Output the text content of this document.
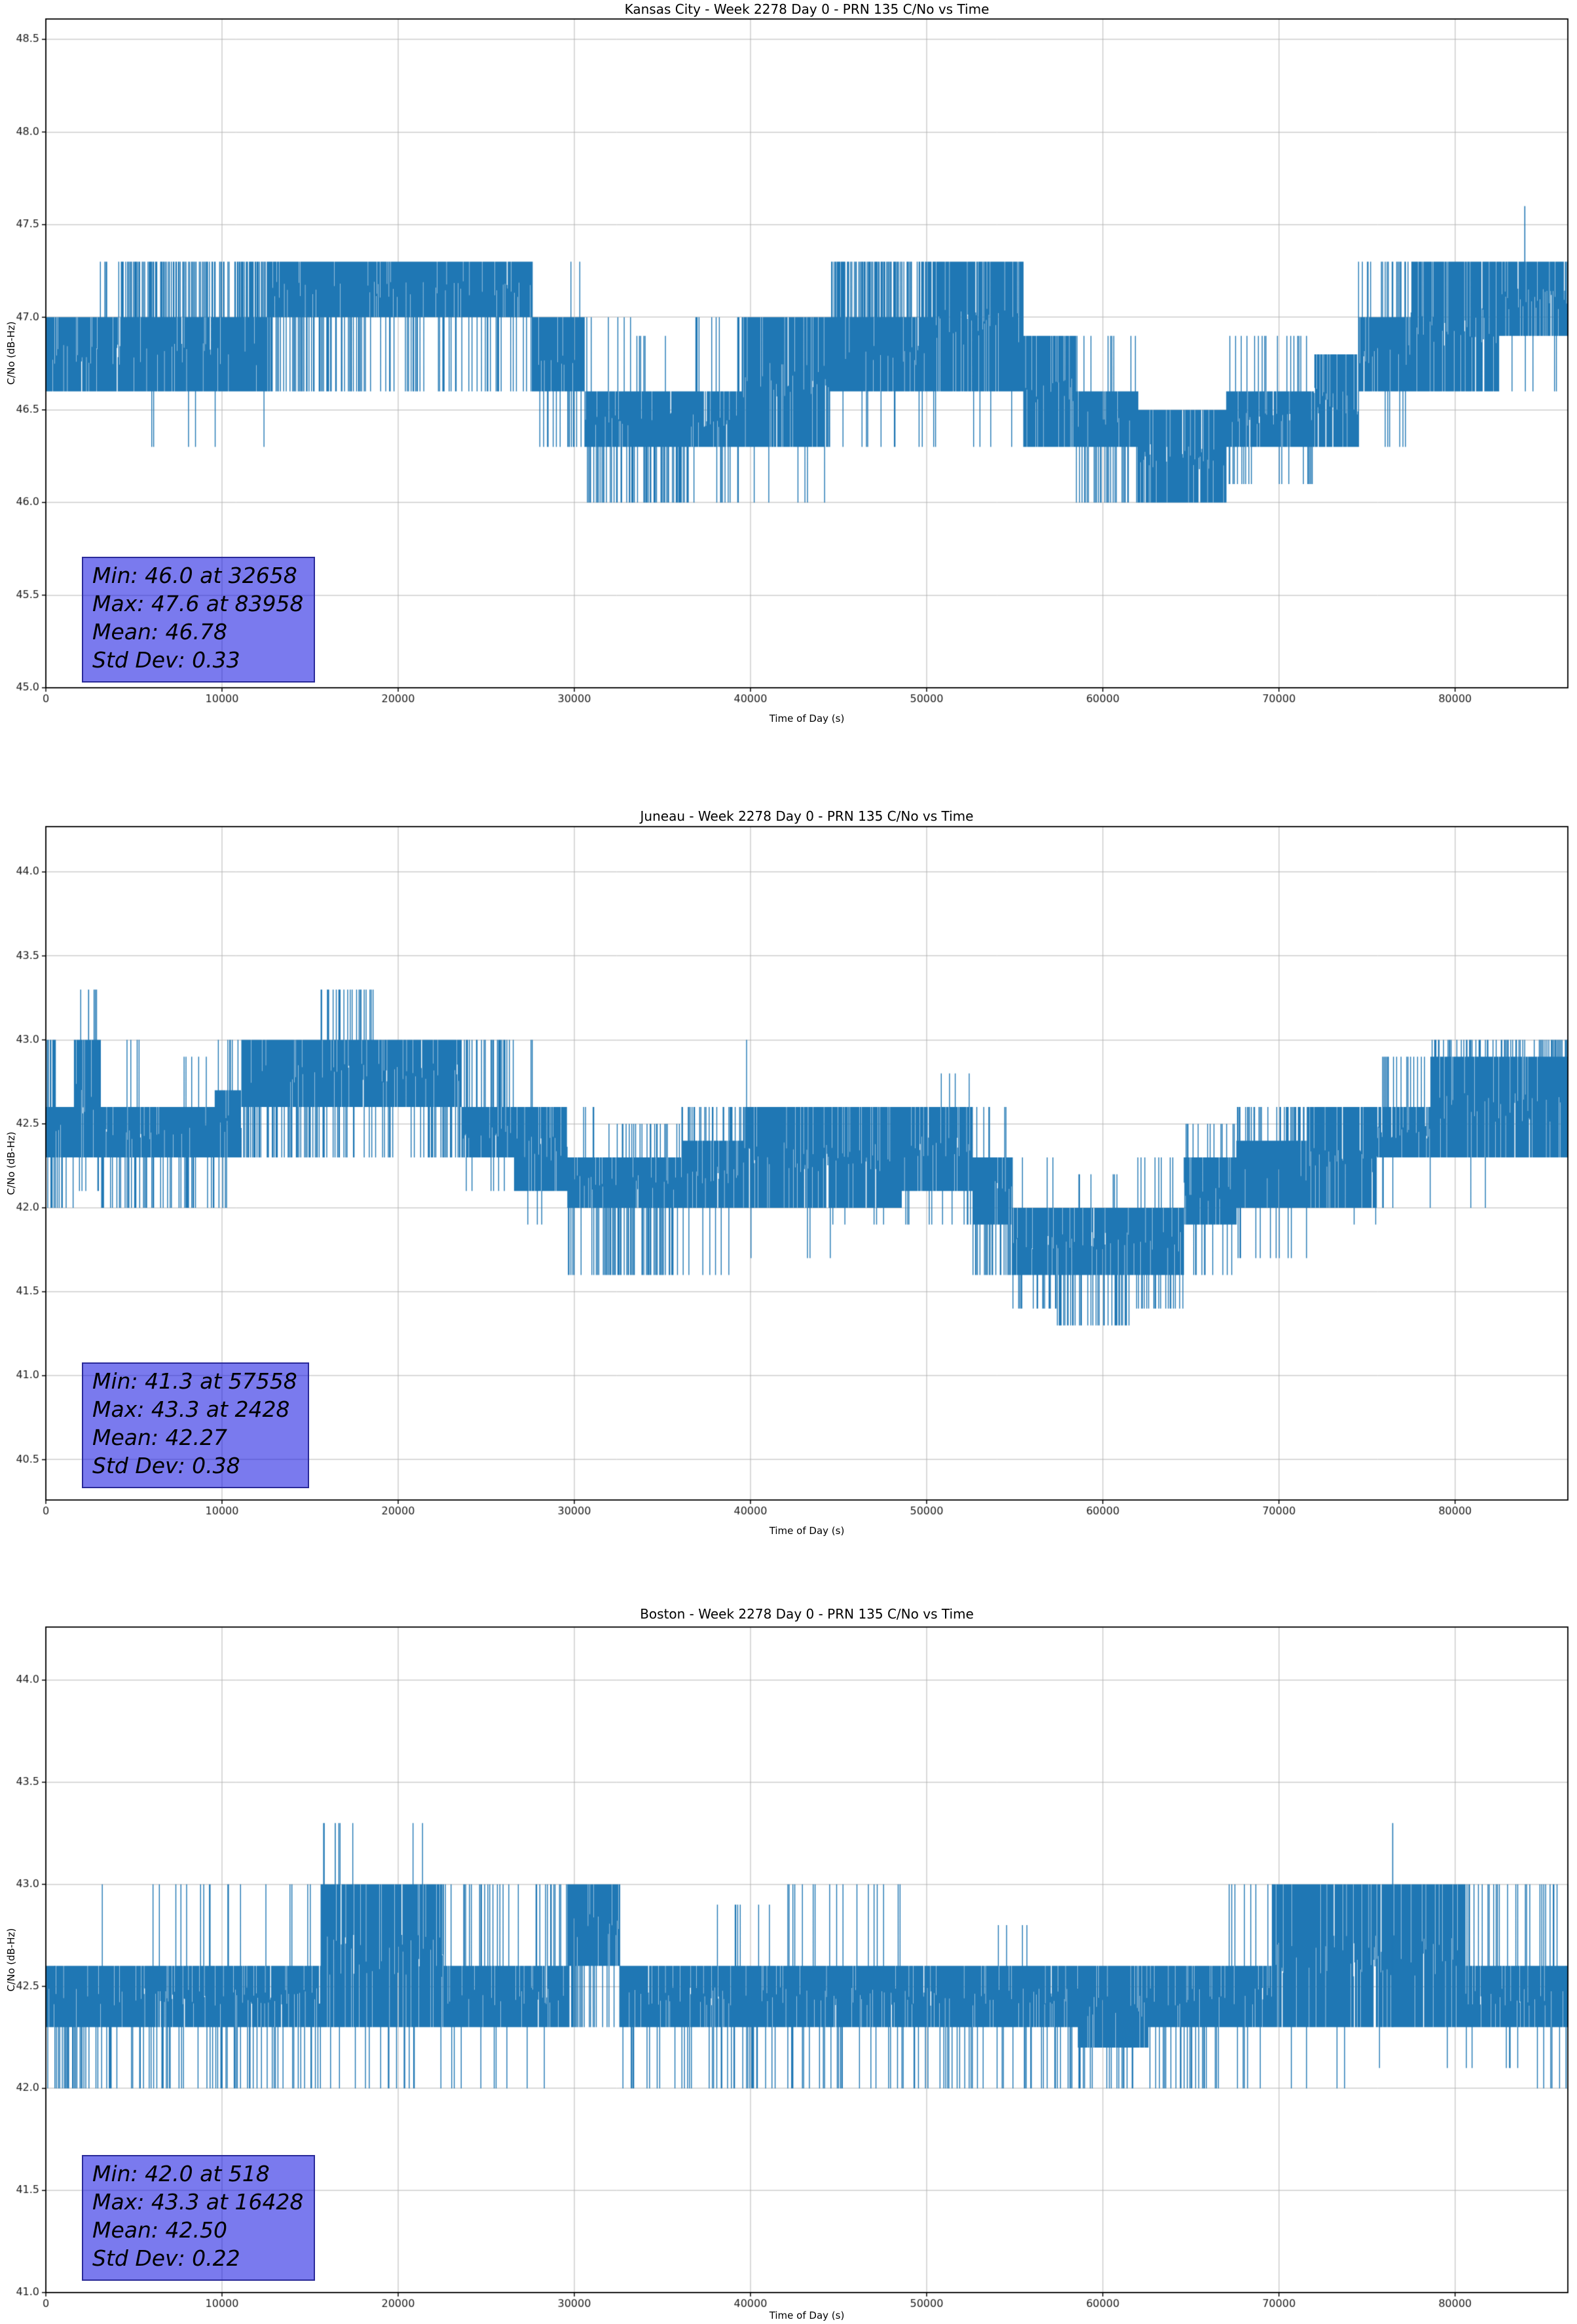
Kansas City - Week 2278 Day 0 - PRN 135 C/No vs Time
C/No (dB-Hz)
Time of Day (s)
Min: 46.0 at 32658
Max: 47.6 at 83958
Mean: 46.78
Std Dev: 0.33
Juneau - Week 2278 Day 0 - PRN 135 C/No vs Time
C/No (dB-Hz)
Time of Day (s)
Min: 41.3 at 57558
Max: 43.3 at 2428
Mean: 42.27
Std Dev: 0.38
Boston - Week 2278 Day 0 - PRN 135 C/No vs Time
C/No (dB-Hz)
Time of Day (s)
Min: 42.0 at 518
Max: 43.3 at 16428
Mean: 42.50
Std Dev: 0.22
